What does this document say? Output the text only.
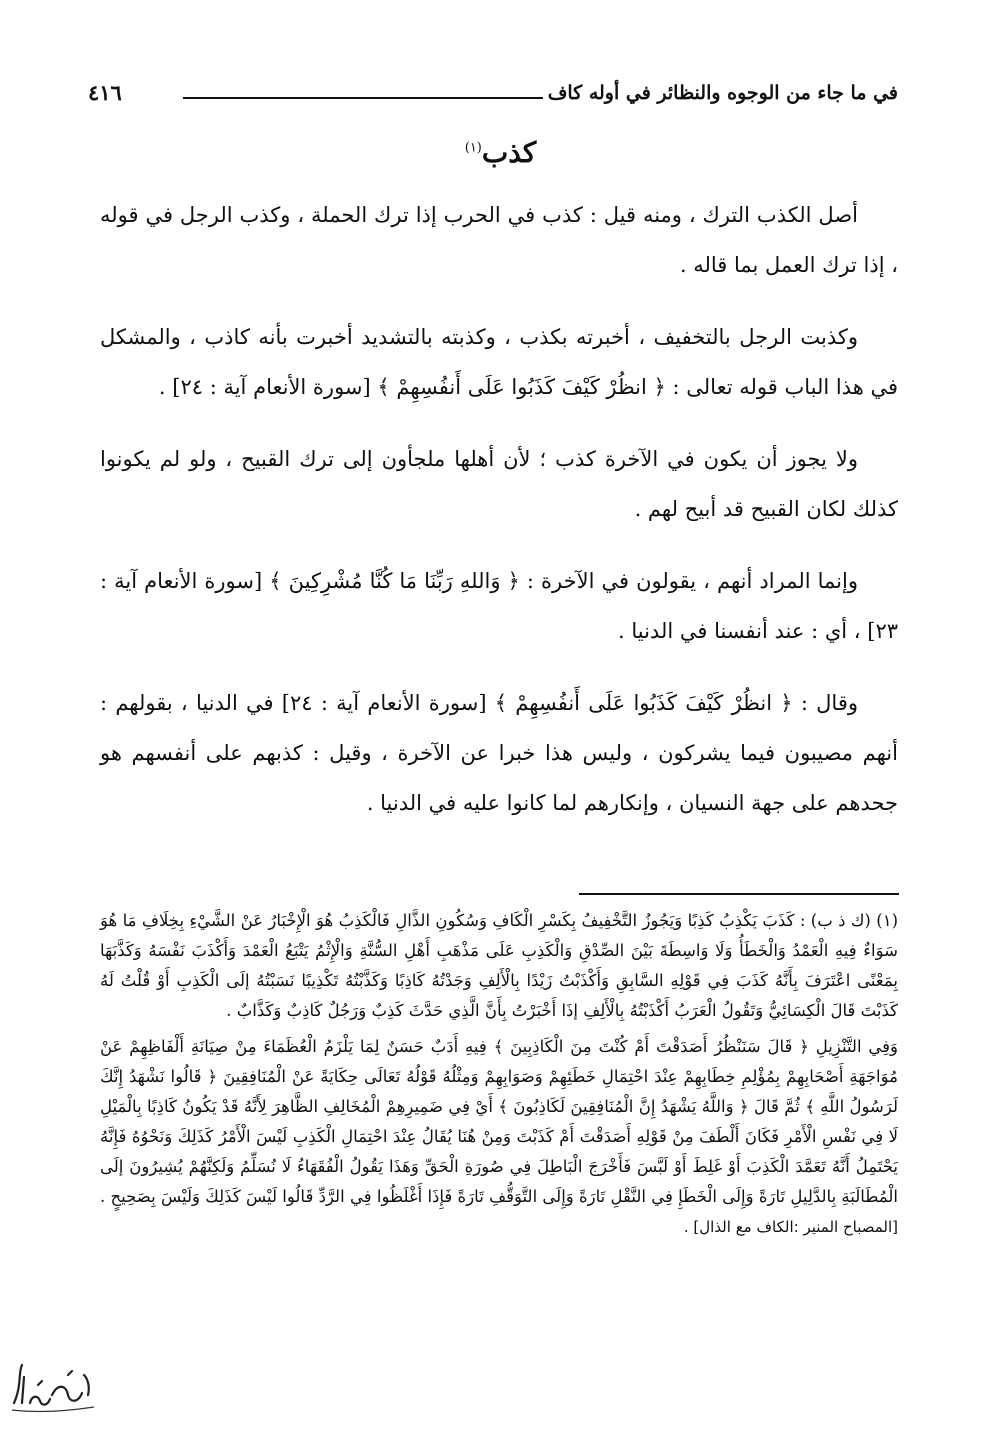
في ما جاء من الوجوه والنظائر في أوله كاف
٤١٦
كذب$^{(١)}$

أصل الكذب الترك ، ومنه قيل : كذب في الحرب إذا ترك الحملة ، وكذب الرجل في قوله ، إذا ترك العمل بما قاله .

وكذبت الرجل بالتخفيف ، أخبرته بكذب ، وكذبته بالتشديد أخبرت بأنه كاذب ، والمشكل في هذا الباب قوله تعالى : ﴿ انظُرْ كَيْفَ كَذَبُوا عَلَى أَنفُسِهِمْ ﴾ [سورة الأنعام آية : ٢٤] .

ولا يجوز أن يكون في الآخرة كذب ؛ لأن أهلها ملجأون إلى ترك القبيح ، ولو لم يكونوا كذلك لكان القبيح قد أبيح لهم .

وإنما المراد أنهم ، يقولون في الآخرة : ﴿ وَاللهِ رَبِّنَا مَا كُنَّا مُشْرِكِينَ ﴾ [سورة الأنعام آية : ٢٣] ، أي : عند أنفسنا في الدنيا .

وقال : ﴿ انظُرْ كَيْفَ كَذَبُوا عَلَى أَنفُسِهِمْ ﴾ [سورة الأنعام آية : ٢٤] في الدنيا ، بقولهم : أنهم مصيبون فيما يشركون ، وليس هذا خبرا عن الآخرة ، وقيل : كذبهم على أنفسهم هو جحدهم على جهة النسيان ، وإنكارهم لما كانوا عليه في الدنيا .

(١) (ك ذ ب) : كَذَبَ يَكْذِبُ كَذِبًا وَيَجُوزُ التَّخْفِيفُ بِكَسْرِ الْكَافِ وَسُكُونِ الذَّالِ فَالْكَذِبُ هُوَ الْإِخْبَارُ عَنْ الشَّيْءِ بِخِلَافِ مَا هُوَ سَوَاءٌ فِيهِ الْعَمْدُ وَالْخَطَأُ وَلَا وَاسِطَةَ بَيْنَ الصِّدْقِ وَالْكَذِبِ عَلَى مَذْهَبِ أَهْلِ السُّنَّةِ وَالْإِثْمُ يَتْبَعُ الْعَمْدَ وَأَكْذَبَ نَفْسَهُ وَكَذَّبَهَا بِمَعْنًى اعْتَرَفَ بِأَنَّهُ كَذَبَ فِي قَوْلِهِ السَّابِقِ وَأَكْذَبْتُ زَيْدًا بِالْأَلِفِ وَجَدْتُهُ كَاذِبًا وَكَذَّبْتُهُ تَكْذِيبًا نَسَبْتُهُ إلَى الْكَذِبِ أَوْ قُلْتُ لَهُ كَذَبْتَ قَالَ الْكِسَائِيُّ وَتَقُولُ الْعَرَبُ أَكْذَبْتُهُ بِالْأَلِفِ إذَا أَخْبَرْتُ بِأَنَّ الَّذِي حَدَّثَ كَذِبٌ وَرَجُلٌ كَاذِبٌ وَكَذَّابٌ .

وَفِي التَّنْزِيلِ ﴿ قَالَ سَنَنْظُرُ أَصَدَقْتَ أَمْ كُنْتَ مِنَ الْكَاذِبِينَ ﴾ فِيهِ أَدَبٌ حَسَنٌ لِمَا يَلْزَمُ الْعُظَمَاءَ مِنْ صِيَانَةِ أَلْفَاظِهِمْ عَنْ مُوَاجَهَةِ أَصْحَابِهِمْ بِمُؤْلِمِ خِطَابِهِمْ عِنْدَ احْتِمَالِ خَطَئِهِمْ وَصَوَابِهِمْ وَمِثْلُهُ قَوْلُهُ تَعَالَى حِكَايَةً عَنْ الْمُنَافِقِينَ ﴿ قَالُوا نَشْهَدُ إِنَّكَ لَرَسُولُ اللَّهِ ﴾ ثُمَّ قَالَ ﴿ وَاللَّهُ يَشْهَدُ إِنَّ الْمُنَافِقِينَ لَكَاذِبُونَ ﴾ أَيْ فِي ضَمِيرِهِمْ الْمُخَالِفِ الظَّاهِرَ لِأَنَّهُ قَدْ يَكُونُ كَاذِبًا بِالْمَيْلِ لَا فِي نَفْسِ الْأَمْرِ فَكَانَ أَلْطَفَ مِنْ قَوْلِهِ أَصَدَقْتَ أَمْ كَذَبْتَ وَمِنْ هُنَا يُقَالُ عِنْدَ احْتِمَالِ الْكَذِبِ لَيْسَ الْأَمْرُ كَذَلِكَ وَنَحْوُهُ فَإِنَّهُ يَحْتَمِلُ أَنَّهُ تَعَمَّدَ الْكَذِبَ أَوْ غَلِطَ أَوْ لَبَّسَ فَأَخْرَجَ الْبَاطِلَ فِي صُورَةِ الْحَقِّ وَهَذَا يَقُولُ الْفُقَهَاءُ لَا نُسَلِّمُ وَلَكِنَّهُمْ يُشِيرُونَ إلَى الْمُطَالَبَةِ بِالدَّلِيلِ تَارَةً وَإِلَى الْخَطَإِ فِي النَّقْلِ تَارَةً وَإِلَى التَّوَقُّفِ تَارَةً فَإِذَا أَغْلَظُوا فِي الرَّدِّ قَالُوا لَيْسَ كَذَلِكَ وَلَيْسَ بِصَحِيحٍ . [المصباح المنير :الكاف مع الذال] .
